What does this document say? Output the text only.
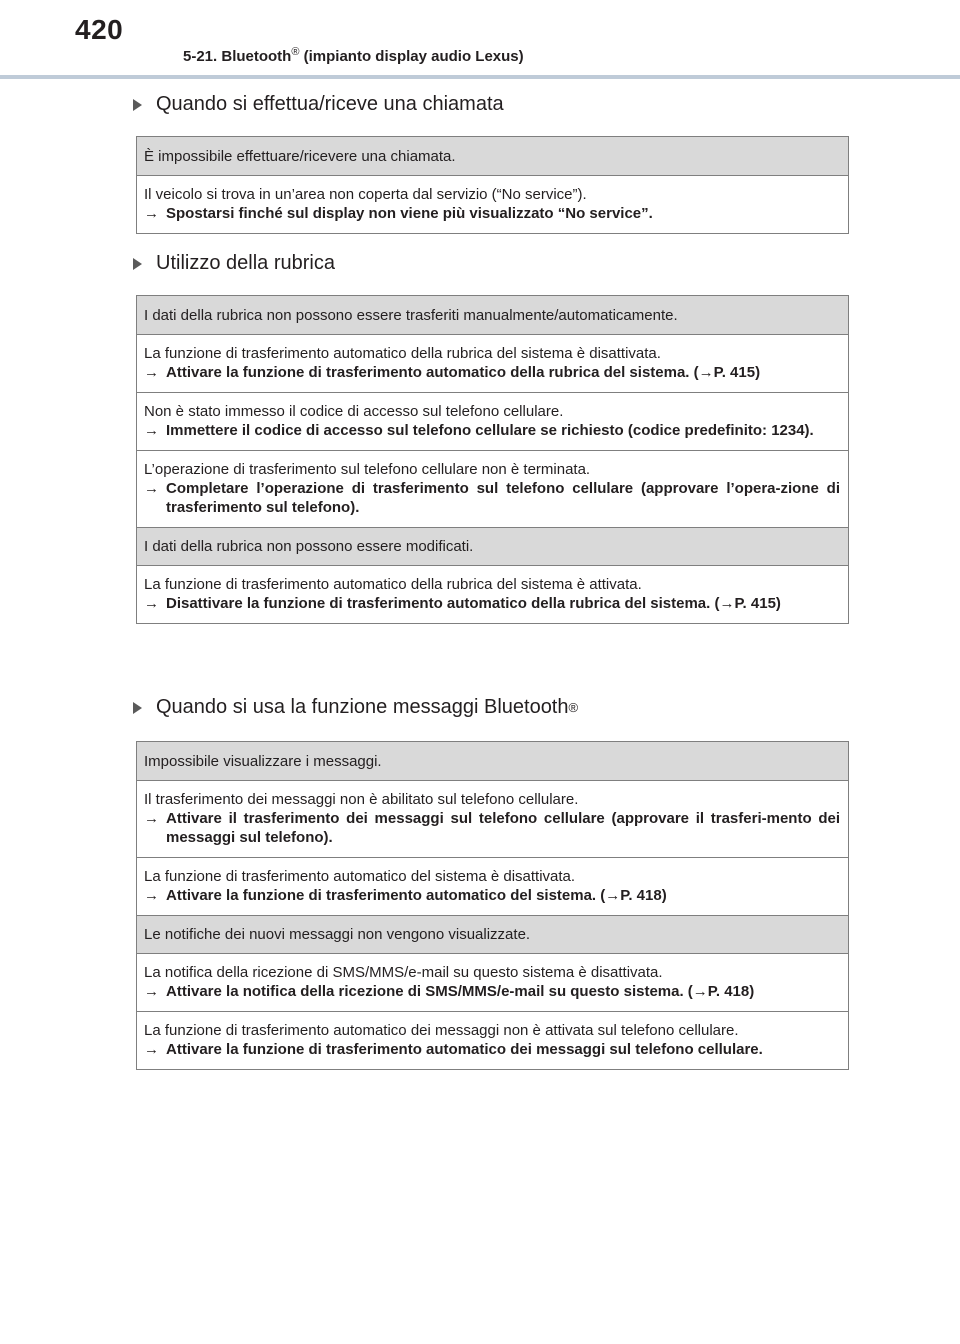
420
5-21. Bluetooth® (impianto display audio Lexus)
Quando si effettua/riceve una chiamata
È impossibile effettuare/ricevere una chiamata.
Il veicolo si trova in un’area non coperta dal servizio (“No service”).
→ Spostarsi finché sul display non viene più visualizzato “No service”.
Utilizzo della rubrica
I dati della rubrica non possono essere trasferiti manualmente/automaticamente.
La funzione di trasferimento automatico della rubrica del sistema è disattivata.
→ Attivare la funzione di trasferimento automatico della rubrica del sistema. (→P. 415)
Non è stato immesso il codice di accesso sul telefono cellulare.
→ Immettere il codice di accesso sul telefono cellulare se richiesto (codice predefinito: 1234).
L’operazione di trasferimento sul telefono cellulare non è terminata.
→ Completare l’operazione di trasferimento sul telefono cellulare (approvare l’opera-zione di trasferimento sul telefono).
I dati della rubrica non possono essere modificati.
La funzione di trasferimento automatico della rubrica del sistema è attivata.
→ Disattivare la funzione di trasferimento automatico della rubrica del sistema. (→P. 415)
Quando si usa la funzione messaggi Bluetooth ®
Impossibile visualizzare i messaggi.
Il trasferimento dei messaggi non è abilitato sul telefono cellulare.
→ Attivare il trasferimento dei messaggi sul telefono cellulare (approvare il trasferi-mento dei messaggi sul telefono).
La funzione di trasferimento automatico del sistema è disattivata.
→ Attivare la funzione di trasferimento automatico del sistema. (→P. 418)
Le notifiche dei nuovi messaggi non vengono visualizzate.
La notifica della ricezione di SMS/MMS/e-mail su questo sistema è disattivata.
→ Attivare la notifica della ricezione di SMS/MMS/e-mail su questo sistema. (→P. 418)
La funzione di trasferimento automatico dei messaggi non è attivata sul telefono cellulare.
→ Attivare la funzione di trasferimento automatico dei messaggi sul telefono cellulare.
